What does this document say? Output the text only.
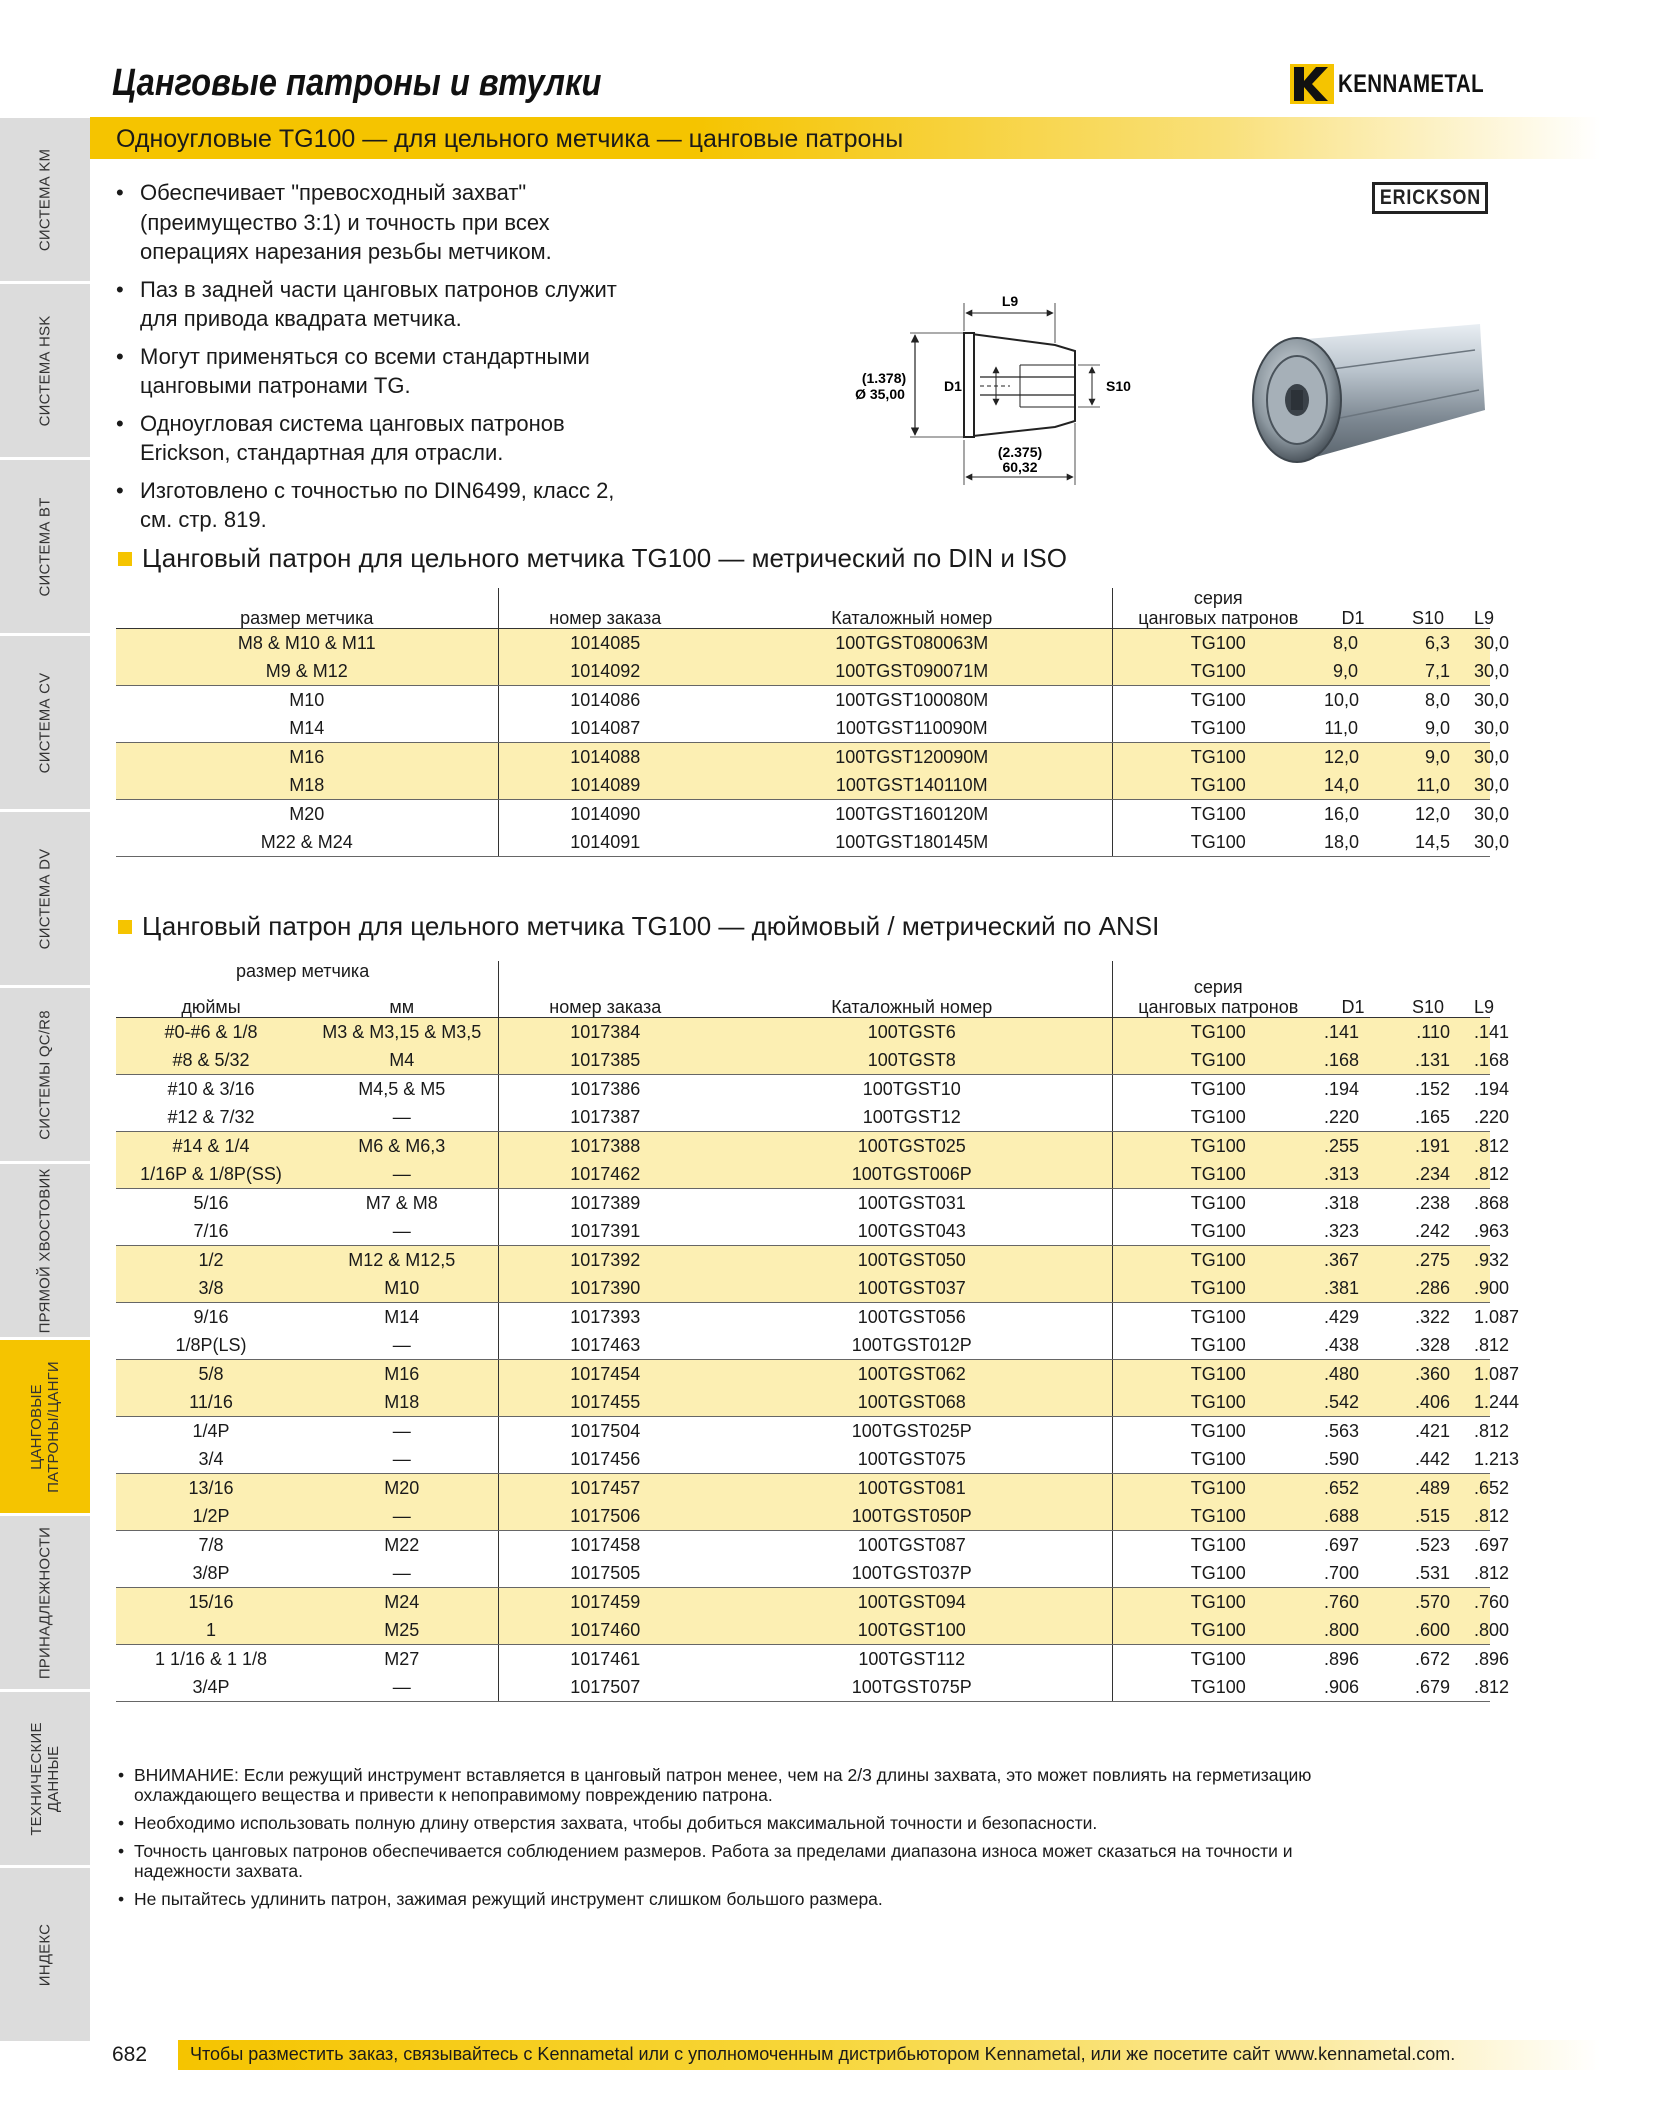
СИСТЕМА KM
СИСТЕМА HSK
СИСТЕМА BT
СИСТЕМА CV
СИСТЕМА DV
СИСТЕМЫ QC/R8
ПРЯМОЙ ХВОСТОВИК
ЦАНГОВЫЕ
ПАТРОНЫ/ЦАНГИ
ПРИНАДЛЕЖНОСТИ
ТЕХНИЧЕСКИЕ
ДАННЫЕ
ИНДЕКС
Цанговые патроны и втулки	KENNAMETAL
Одноугловые TG100 — для цельного метчика — цанговые патроны
• Обеспечивает "превосходный захват" (преимущество 3:1) и точность при всех операциях нарезания резьбы метчиком.
• Паз в задней части цанговых патронов служит для привода квадрата метчика.
• Могут применяться со всеми стандартными цанговыми патронами TG.
• Одноугловая система цанговых патронов Erickson, стандартная для отрасли.
• Изготовлено с точностью по DIN6499, класс 2, см. стр. 819.
ERICKSON
L9
D1	S10
(1.378)
Ø 35,00
(2.375)
60,32
Цанговый патрон для цельного метчика TG100 — метрический по DIN и ISO
размер метчика	номер заказа	Каталожный номер	серия
цанговых патронов	D1	S10	L9
M8 & M10 & M11	1014085	100TGST080063M	TG100	8,0	6,3	30,0
M9 & M12	1014092	100TGST090071M	TG100	9,0	7,1	30,0
M10	1014086	100TGST100080M	TG100	10,0	8,0	30,0
M14	1014087	100TGST110090M	TG100	11,0	9,0	30,0
M16	1014088	100TGST120090M	TG100	12,0	9,0	30,0
M18	1014089	100TGST140110M	TG100	14,0	11,0	30,0
M20	1014090	100TGST160120M	TG100	16,0	12,0	30,0
M22 & M24	1014091	100TGST180145M	TG100	18,0	14,5	30,0
Цанговый патрон для цельного метчика TG100 — дюймовый / метрический по ANSI
размер метчика		номер заказа	Каталожный номер	серия
цанговых патронов	D1	S10	L9
дюймы	мм						
#0-#6 & 1/8	M3 & M3,15 & M3,5	1017384	100TGST6	TG100	.141	.110	.141
#8 & 5/32	M4	1017385	100TGST8	TG100	.168	.131	.168
#10 & 3/16	M4,5 & M5	1017386	100TGST10	TG100	.194	.152	.194
#12 & 7/32	—	1017387	100TGST12	TG100	.220	.165	.220
#14 & 1/4	M6 & M6,3	1017388	100TGST025	TG100	.255	.191	.812
1/16P & 1/8P(SS)	—	1017462	100TGST006P	TG100	.313	.234	.812
5/16	M7 & M8	1017389	100TGST031	TG100	.318	.238	.868
7/16	—	1017391	100TGST043	TG100	.323	.242	.963
1/2	M12 & M12,5	1017392	100TGST050	TG100	.367	.275	.932
3/8	M10	1017390	100TGST037	TG100	.381	.286	.900
9/16	M14	1017393	100TGST056	TG100	.429	.322	1.087
1/8P(LS)	—	1017463	100TGST012P	TG100	.438	.328	.812
5/8	M16	1017454	100TGST062	TG100	.480	.360	1.087
11/16	M18	1017455	100TGST068	TG100	.542	.406	1.244
1/4P	—	1017504	100TGST025P	TG100	.563	.421	.812
3/4	—	1017456	100TGST075	TG100	.590	.442	1.213
13/16	M20	1017457	100TGST081	TG100	.652	.489	.652
1/2P	—	1017506	100TGST050P	TG100	.688	.515	.812
7/8	M22	1017458	100TGST087	TG100	.697	.523	.697
3/8P	—	1017505	100TGST037P	TG100	.700	.531	.812
15/16	M24	1017459	100TGST094	TG100	.760	.570	.760
1	M25	1017460	100TGST100	TG100	.800	.600	.800
1 1/16 & 1 1/8	M27	1017461	100TGST112	TG100	.896	.672	.896
3/4P	—	1017507	100TGST075P	TG100	.906	.679	.812
• ВНИМАНИЕ: Если режущий инструмент вставляется в цанговый патрон менее, чем на 2/3 длины захвата, это может повлиять на герметизацию охлаждающего вещества и привести к непоправимому повреждению патрона.
• Необходимо использовать полную длину отверстия захвата, чтобы добиться максимальной точности и безопасности.
• Точность цанговых патронов обеспечивается соблюдением размеров. Работа за пределами диапазона износа может сказаться на точности и надежности захвата.
• Не пытайтесь удлинить патрон, зажимая режущий инструмент слишком большого размера.
682 Чтобы разместить заказ, связывайтесь с Kennametal или с уполномоченным дистрибьютором Kennametal, или же посетите сайт www.kennametal.com.
